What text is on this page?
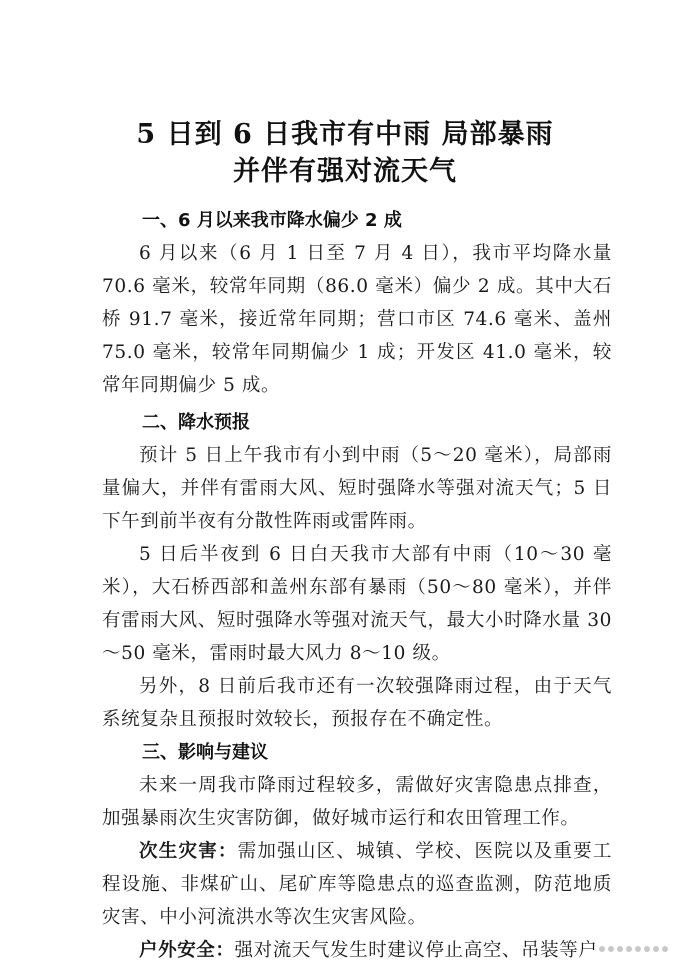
5 日到 6 日我市有中雨 局部暴雨
并伴有强对流天气
一、6 月以来我市降水偏少 2 成

6 月以来（6 月 1 日至 7 月 4 日），我市平均降水量 70.6 毫米，较常年同期（86.0 毫米）偏少 2 成。其中大石桥 91.7 毫米，接近常年同期；营口市区 74.6 毫米、盖州 75.0 毫米，较常年同期偏少 1 成；开发区 41.0 毫米，较常年同期偏少 5 成。

二、降水预报

预计 5 日上午我市有小到中雨（5～20 毫米），局部雨量偏大，并伴有雷雨大风、短时强降水等强对流天气；5 日下午到前半夜有分散性阵雨或雷阵雨。

5 日后半夜到 6 日白天我市大部有中雨（10～30 毫米），大石桥西部和盖州东部有暴雨（50～80 毫米），并伴有雷雨大风、短时强降水等强对流天气，最大小时降水量 30～50 毫米，雷雨时最大风力 8～10 级。

另外，8 日前后我市还有一次较强降雨过程，由于天气系统复杂且预报时效较长，预报存在不确定性。

三、影响与建议

未来一周我市降雨过程较多，需做好灾害隐患点排查，加强暴雨次生灾害防御，做好城市运行和农田管理工作。

次生灾害：需加强山区、城镇、学校、医院以及重要工程设施、非煤矿山、尾矿库等隐患点的巡查监测，防范地质灾害、中小河流洪水等次生灾害风险。

户外安全：强对流天气发生时建议停止高空、吊装等户
